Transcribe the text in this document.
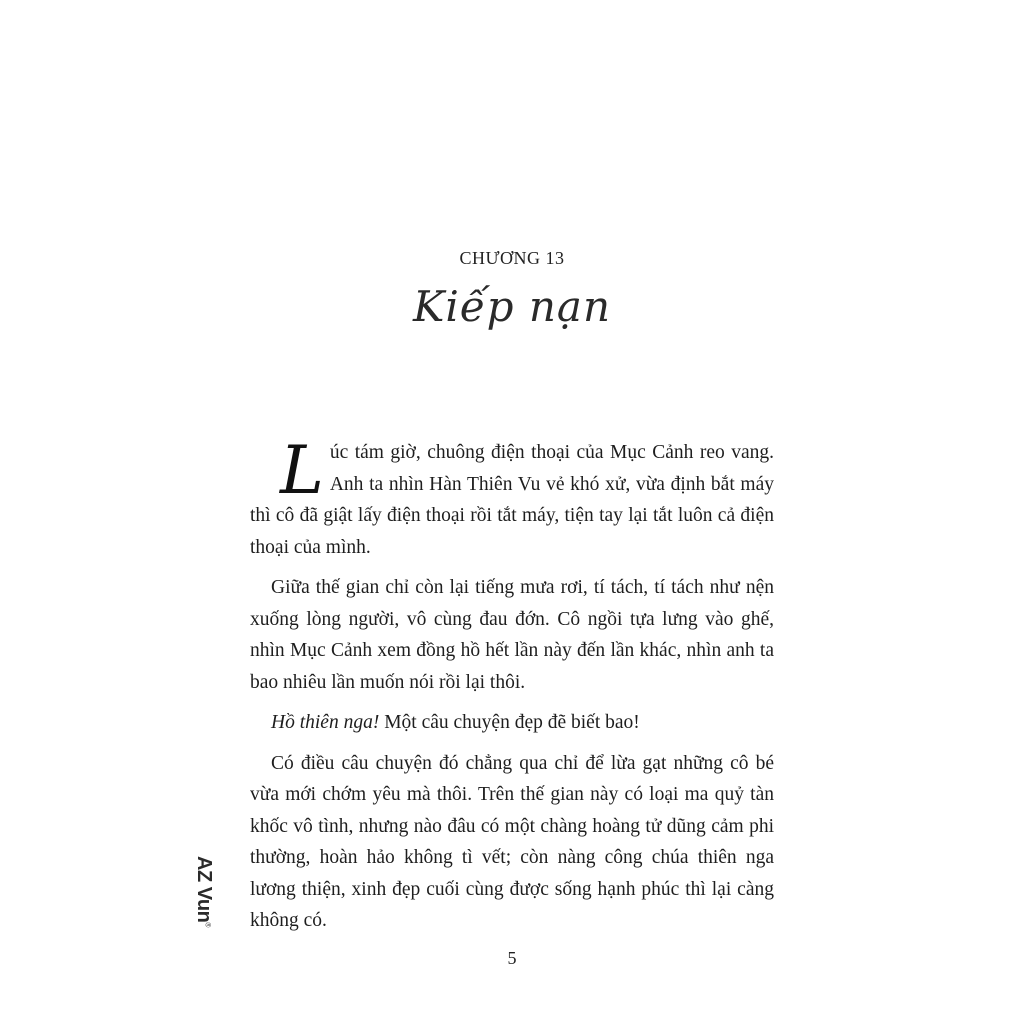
CHƯƠNG 13
Kiếp nạn

Lúc tám giờ, chuông điện thoại của Mục Cảnh reo vang. Anh ta nhìn Hàn Thiên Vu vẻ khó xử, vừa định bắt máy thì cô đã giật lấy điện thoại rồi tắt máy, tiện tay lại tắt luôn cả điện thoại của mình.

Giữa thế gian chỉ còn lại tiếng mưa rơi, tí tách, tí tách như nện xuống lòng người, vô cùng đau đớn. Cô ngồi tựa lưng vào ghế, nhìn Mục Cảnh xem đồng hồ hết lần này đến lần khác, nhìn anh ta bao nhiêu lần muốn nói rồi lại thôi.

Hồ thiên nga! Một câu chuyện đẹp đẽ biết bao!

Có điều câu chuyện đó chẳng qua chỉ để lừa gạt những cô bé vừa mới chớm yêu mà thôi. Trên thế gian này có loại ma quỷ tàn khốc vô tình, nhưng nào đâu có một chàng hoàng tử dũng cảm phi thường, hoàn hảo không tì vết; còn nàng công chúa thiên nga lương thiện, xinh đẹp cuối cùng được sống hạnh phúc thì lại càng không có.

5
AZ Vun®
